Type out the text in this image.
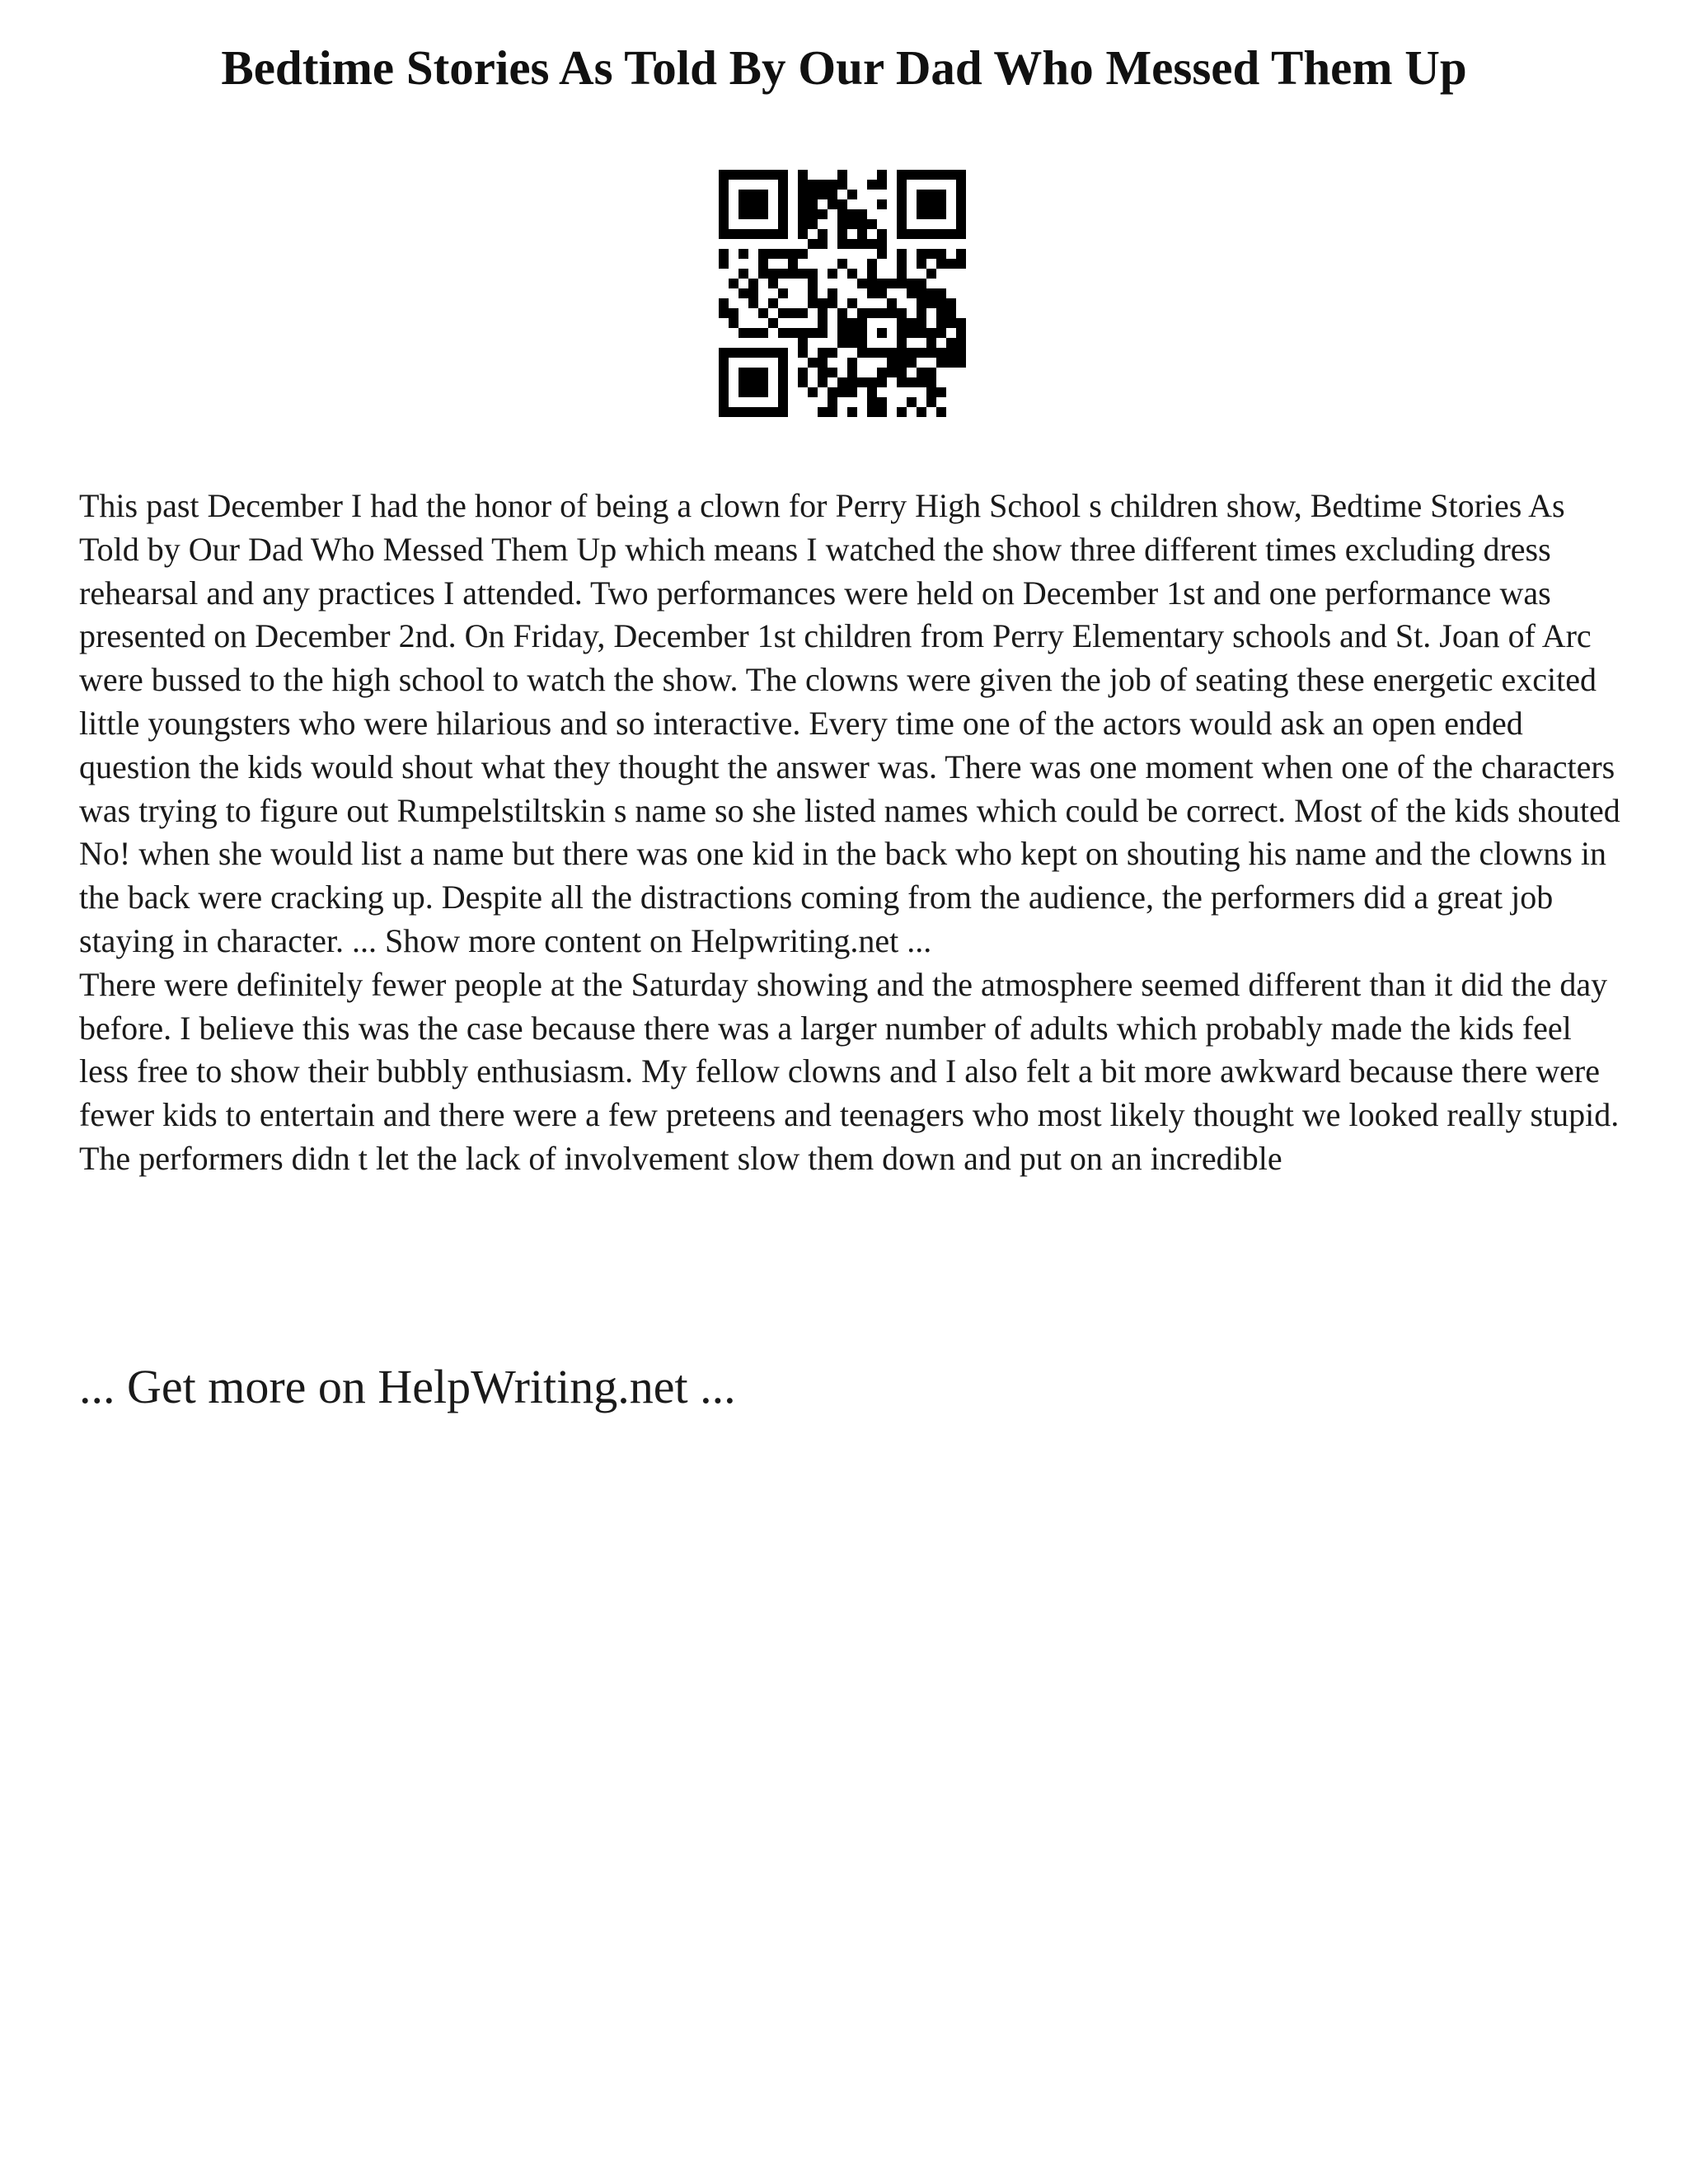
Bedtime Stories As Told By Our Dad Who Messed Them Up

This past December I had the honor of being a clown for Perry High School s children show, Bedtime Stories As Told by Our Dad Who Messed Them Up which means I watched the show three different times excluding dress rehearsal and any practices I attended. Two performances were held on December 1st and one performance was presented on December 2nd. On Friday, December 1st children from Perry Elementary schools and St. Joan of Arc were bussed to the high school to watch the show. The clowns were given the job of seating these energetic excited little youngsters who were hilarious and so interactive. Every time one of the actors would ask an open ended question the kids would shout what they thought the answer was. There was one moment when one of the characters was trying to figure out Rumpelstiltskin s name so she listed names which could be correct. Most of the kids shouted No! when she would list a name but there was one kid in the back who kept on shouting his name and the clowns in the back were cracking up. Despite all the distractions coming from the audience, the performers did a great job staying in character. ... Show more content on Helpwriting.net ...

There were definitely fewer people at the Saturday showing and the atmosphere seemed different than it did the day before. I believe this was the case because there was a larger number of adults which probably made the kids feel less free to show their bubbly enthusiasm. My fellow clowns and I also felt a bit more awkward because there were fewer kids to entertain and there were a few preteens and teenagers who most likely thought we looked really stupid. The performers didn t let the lack of involvement slow them down and put on an incredible

... Get more on HelpWriting.net ...
